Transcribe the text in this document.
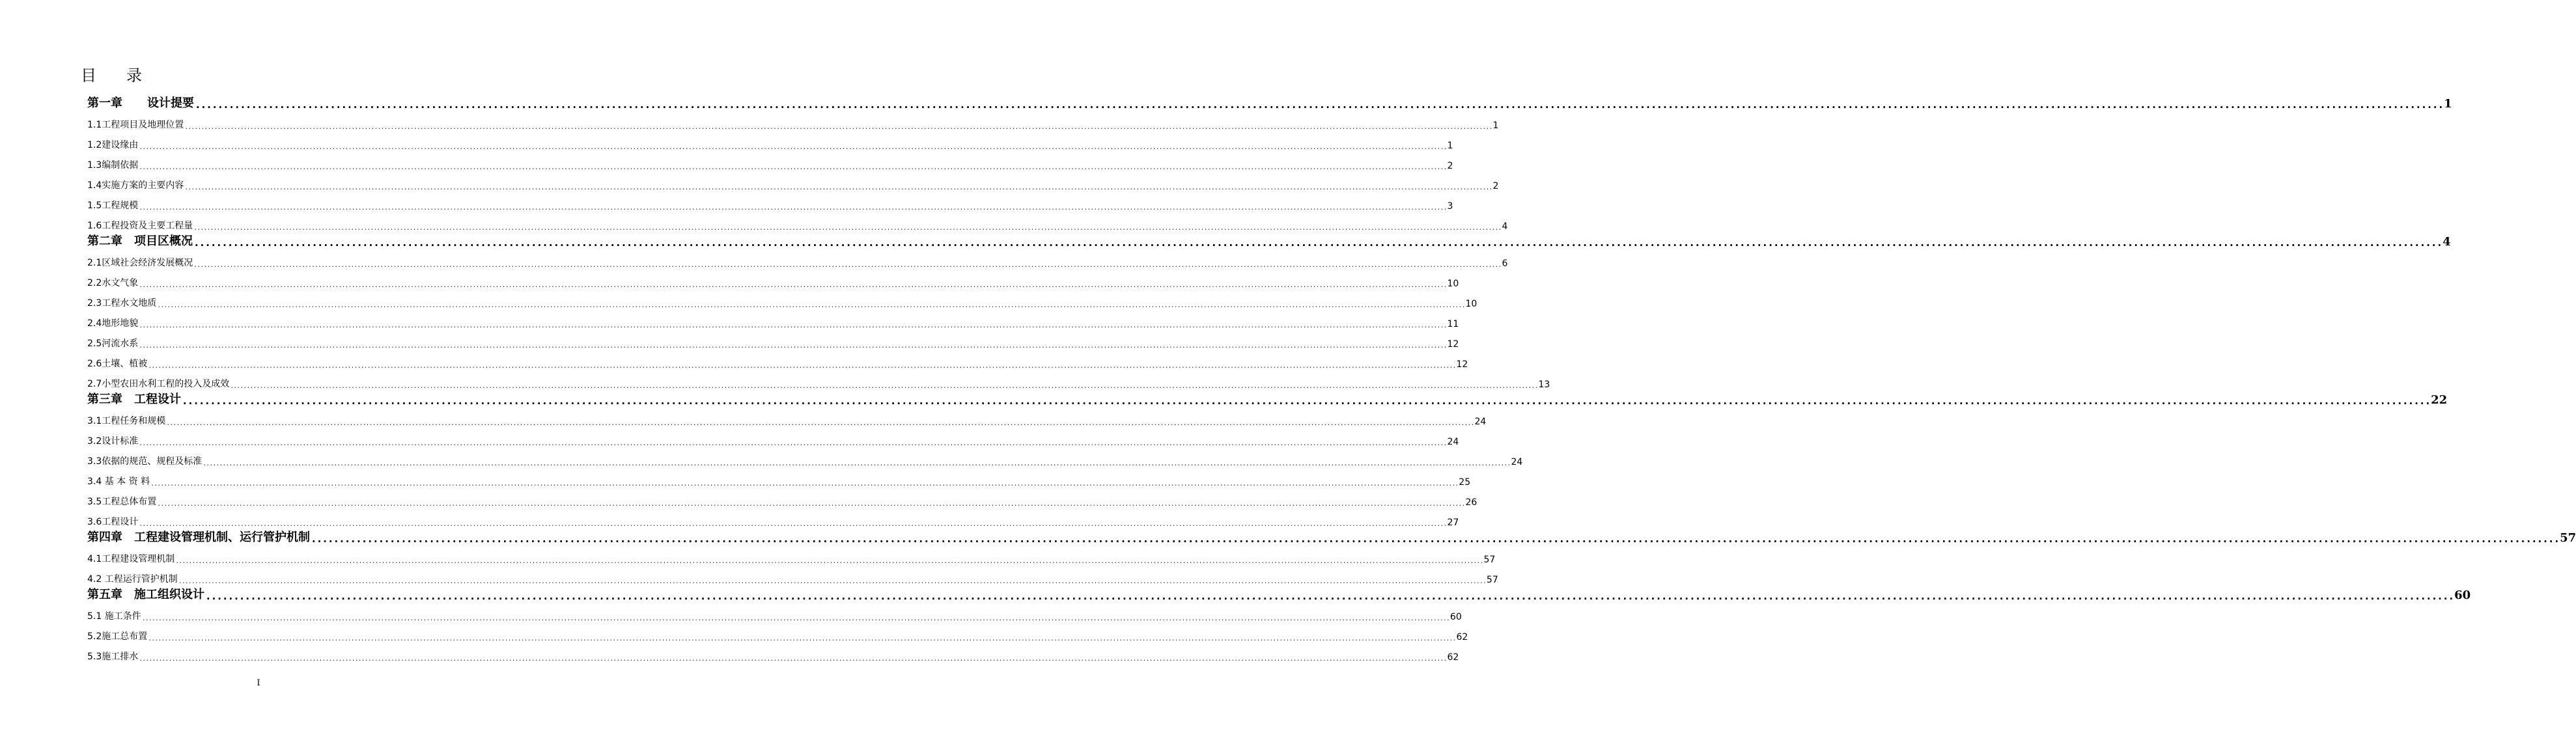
目 录
第一章 设计提要 ................................................................................................................................................................................................................................................................................................................................................................................................................ 1
1.1工程项目及地理位置 ................................................................................................................................................................................................................................................................................................................................................................................................................ 1
1.2建设缘由 ................................................................................................................................................................................................................................................................................................................................................................................................................ 1
1.3编制依据 ................................................................................................................................................................................................................................................................................................................................................................................................................ 2
1.4实施方案的主要内容 ................................................................................................................................................................................................................................................................................................................................................................................................................ 2
1.5工程规模 ................................................................................................................................................................................................................................................................................................................................................................................................................ 3
1.6工程投资及主要工程量 ................................................................................................................................................................................................................................................................................................................................................................................................................ 4
第二章 项目区概况 ................................................................................................................................................................................................................................................................................................................................................................................................................ 4
2.1区域社会经济发展概况 ................................................................................................................................................................................................................................................................................................................................................................................................................ 6
2.2水文气象 ................................................................................................................................................................................................................................................................................................................................................................................................................ 10
2.3工程水文地质 ................................................................................................................................................................................................................................................................................................................................................................................................................ 10
2.4地形地貌 ................................................................................................................................................................................................................................................................................................................................................................................................................ 11
2.5河流水系 ................................................................................................................................................................................................................................................................................................................................................................................................................ 12
2.6土壤、植被 ................................................................................................................................................................................................................................................................................................................................................................................................................ 12
2.7小型农田水利工程的投入及成效 ................................................................................................................................................................................................................................................................................................................................................................................................................ 13
第三章 工程设计 ................................................................................................................................................................................................................................................................................................................................................................................................................ 22
3.1工程任务和规模 ................................................................................................................................................................................................................................................................................................................................................................................................................ 24
3.2设计标准 ................................................................................................................................................................................................................................................................................................................................................................................................................ 24
3.3依据的规范、规程及标准 ................................................................................................................................................................................................................................................................................................................................................................................................................ 24
3.4 基 本 资 料 ................................................................................................................................................................................................................................................................................................................................................................................................................ 25
3.5工程总体布置 ................................................................................................................................................................................................................................................................................................................................................................................................................ 26
3.6工程设计 ................................................................................................................................................................................................................................................................................................................................................................................................................ 27
第四章 工程建设管理机制、运行管护机制 ................................................................................................................................................................................................................................................................................................................................................................................................................ 57
4.1工程建设管理机制 ................................................................................................................................................................................................................................................................................................................................................................................................................ 57
4.2 工程运行管护机制 ................................................................................................................................................................................................................................................................................................................................................................................................................ 57
第五章 施工组织设计 ................................................................................................................................................................................................................................................................................................................................................................................................................ 60
5.1 施工条件 ................................................................................................................................................................................................................................................................................................................................................................................................................ 60
5.2施工总布置 ................................................................................................................................................................................................................................................................................................................................................................................................................ 62
5.3施工排水 ................................................................................................................................................................................................................................................................................................................................................................................................................ 62
I
